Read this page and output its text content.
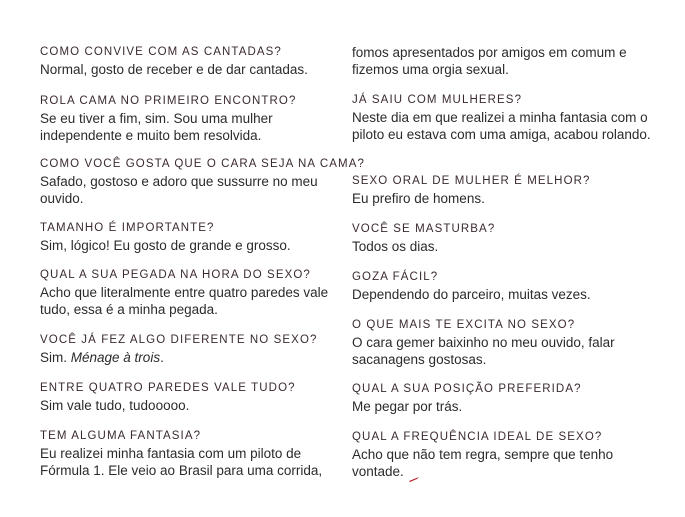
COMO CONVIVE COM AS CANTADAS?
Normal, gosto de receber e de dar cantadas.
ROLA CAMA NO PRIMEIRO ENCONTRO?
Se eu tiver a fim, sim. Sou uma mulher independente e muito bem resolvida.
COMO VOCÊ GOSTA QUE O CARA SEJA NA CAMA?
Safado, gostoso e adoro que sussurre no meu ouvido.
TAMANHO É IMPORTANTE?
Sim, lógico! Eu gosto de grande e grosso.
QUAL A SUA PEGADA NA HORA DO SEXO?
Acho que literalmente entre quatro paredes vale tudo, essa é a minha pegada.
VOCÊ JÁ FEZ ALGO DIFERENTE NO SEXO?
Sim. Ménage à trois.
ENTRE QUATRO PAREDES VALE TUDO?
Sim vale tudo, tudooooo.
TEM ALGUMA FANTASIA?
Eu realizei minha fantasia com um piloto de Fórmula 1. Ele veio ao Brasil para uma corrida,
fomos apresentados por amigos em comum e fizemos uma orgia sexual.
JÁ SAIU COM MULHERES?
Neste dia em que realizei a minha fantasia com o piloto eu estava com uma amiga, acabou rolando.
SEXO ORAL DE MULHER É MELHOR?
Eu prefiro de homens.
VOCÊ SE MASTURBA?
Todos os dias.
GOZA FÁCIL?
Dependendo do parceiro, muitas vezes.
O QUE MAIS TE EXCITA NO SEXO?
O cara gemer baixinho no meu ouvido, falar sacanagens gostosas.
QUAL A SUA POSIÇÃO PREFERIDA?
Me pegar por trás.
QUAL A FREQUÊNCIA IDEAL DE SEXO?
Acho que não tem regra, sempre que tenho vontade.
